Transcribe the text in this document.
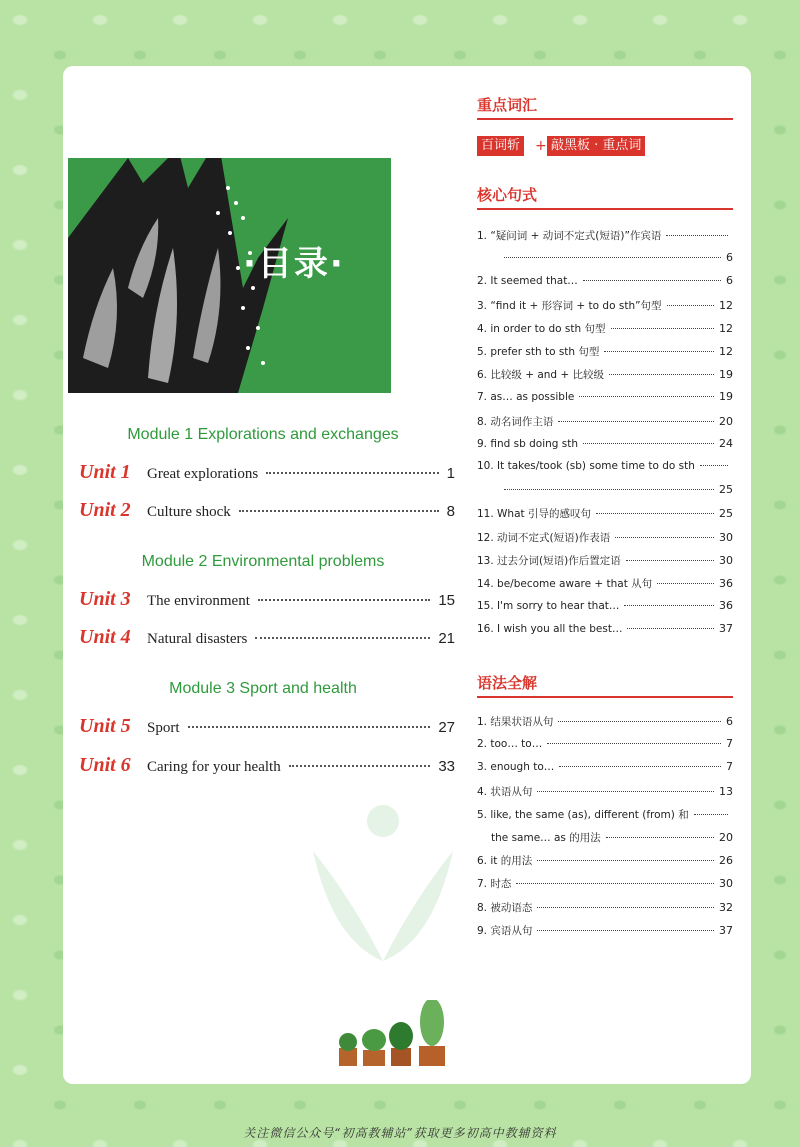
·目录·
Module 1 Explorations and exchanges
Unit 1	Great explorations	1
Unit 2	Culture shock	8
Module 2 Environmental problems
Unit 3	The environment	15
Unit 4	Natural disasters	21
Module 3 Sport and health
Unit 5	Sport	27
Unit 6	Caring for your health	33
重点词汇
百词斩 + 敲黑板 · 重点词
核心句式
1. “疑问词 + 动词不定式(短语)”作宾语
6
2. It seemed that…	6
3. “find it + 形容词 + to do sth”句型	12
4. in order to do sth 句型	12
5. prefer sth to sth 句型	12
6. 比较级 + and + 比较级	19
7. as… as possible	19
8. 动名词作主语	20
9. find sb doing sth	24
10. It takes/took (sb) some time to do sth
25
11. What 引导的感叹句	25
12. 动词不定式(短语)作表语	30
13. 过去分词(短语)作后置定语	30
14. be/become aware + that 从句	36
15. I'm sorry to hear that…	36
16. I wish you all the best…	37
语法全解
1. 结果状语从句	6
2. too… to…	7
3. enough to…	7
4. 状语从句	13
5. like, the same (as), different (from) 和
the same… as 的用法	20
6. it 的用法	26
7. 时态	30
8. 被动语态	32
9. 宾语从句	37
关注微信公众号“初高教辅站”获取更多初高中教辅资料
